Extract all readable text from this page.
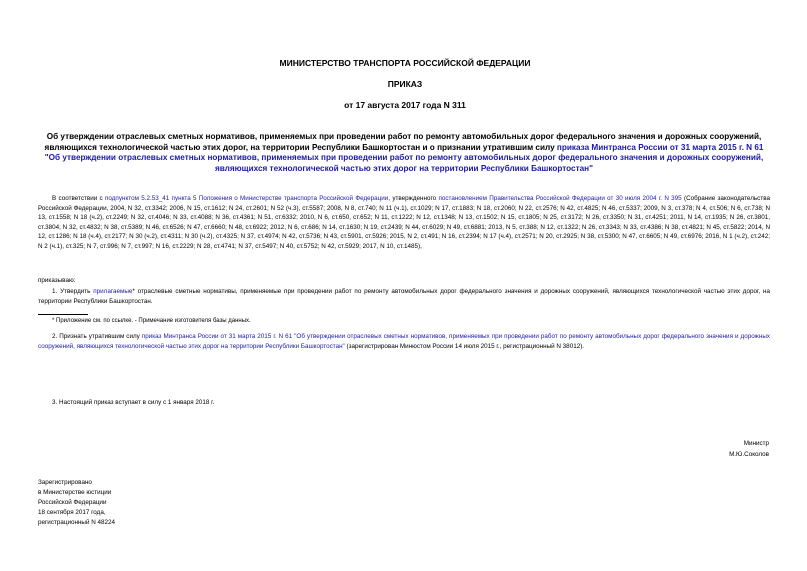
МИНИСТЕРСТВО ТРАНСПОРТА РОССИЙСКОЙ ФЕДЕРАЦИИ
ПРИКАЗ
от 17 августа 2017 года N 311
Об утверждении отраслевых сметных нормативов, применяемых при проведении работ по ремонту автомобильных дорог федерального значения и дорожных сооружений, являющихся технологической частью этих дорог, на территории Республики Башкортостан и о признании утратившим силу приказа Минтранса России от 31 марта 2015 г. N 61 "Об утверждении отраслевых сметных нормативов, применяемых при проведении работ по ремонту автомобильных дорог федерального значения и дорожных сооружений, являющихся технологической частью этих дорог на территории Республики Башкортостан"
В соответствии с подпунктом 5.2.53_41 пункта 5 Положения о Министерстве транспорта Российской Федерации, утвержденного постановлением Правительства Российской Федерации от 30 июля 2004 г. N 395 (Собрание законодательства Российской Федерации, 2004, N 32, ст.3342; 2006, N 15, ст.1612; N 24, ст.2601; N 52 (ч.3), ст.5587; 2008, N 8, ст.740; N 11 (ч.1), ст.1029; N 17, ст.1883; N 18, ст.2060; N 22, ст.2576; N 42, ст.4825; N 46, ст.5337; 2009, N 3, ст.378; N 4, ст.506; N 6, ст.738; N 13, ст.1558; N 18 (ч.2), ст.2249; N 32, ст.4046; N 33, ст.4088; N 36, ст.4361; N 51, ст.6332; 2010, N 6, ст.650, ст.652; N 11, ст.1222; N 12, ст.1348; N 13, ст.1502; N 15, ст.1805; N 25, ст.3172; N 26, ст.3350; N 31, ст.4251; 2011, N 14, ст.1935; N 26, ст.3801, ст.3804; N 32, ст.4832; N 38, ст.5389; N 46, ст.6526; N 47, ст.6660; N 48, ст.6922; 2012, N 6, ст.686; N 14, ст.1630; N 19, ст.2439; N 44, ст.6029; N 49, ст.6881; 2013, N 5, ст.388; N 12, ст.1322; N 26, ст.3343; N 33, ст.4386; N 38, ст.4821; N 45, ст.5822; 2014, N 12, ст.1286; N 18 (ч.4), ст.2177; N 30 (ч.2), ст.4311; N 30 (ч.2), ст.4325; N 37, ст.4974; N 42, ст.5736; N 43, ст.5901, ст.5926; 2015, N 2, ст.491; N 16, ст.2394; N 17 (ч.4), ст.2571; N 20, ст.2925; N 38, ст.5300; N 47, ст.6605; N 49, ст.6976; 2016, N 1 (ч.2), ст.242; N 2 (ч.1), ст.325; N 7, ст.996; N 7, ст.997; N 16, ст.2229; N 28, ст.4741; N 37, ст.5497; N 40, ст.5752; N 42, ст.5929; 2017, N 10, ст.1485),
приказываю:
1. Утвердить прилагаемые* отраслевые сметные нормативы, применяемые при проведении работ по ремонту автомобильных дорог федерального значения и дорожных сооружений, являющихся технологической частью этих дорог, на территории Республики Башкортостан.
* Приложение см. по ссылке. - Примечание изготовителя базы данных.
2. Признать утратившим силу приказ Минтранса России от 31 марта 2015 г. N 61 "Об утверждении отраслевых сметных нормативов, применяемых при проведении работ по ремонту автомобильных дорог федерального значения и дорожных сооружений, являющихся технологической частью этих дорог на территории Республики Башкортостан" (зарегистрирован Минюстом России 14 июля 2015 г., регистрационный N 38012).
3. Настоящий приказ вступает в силу с 1 января 2018 г.
Министр
М.Ю.Соколов
Зарегистрировано
в Министерстве юстиции
Российской Федерации
18 сентября 2017 года,
регистрационный N 48224
